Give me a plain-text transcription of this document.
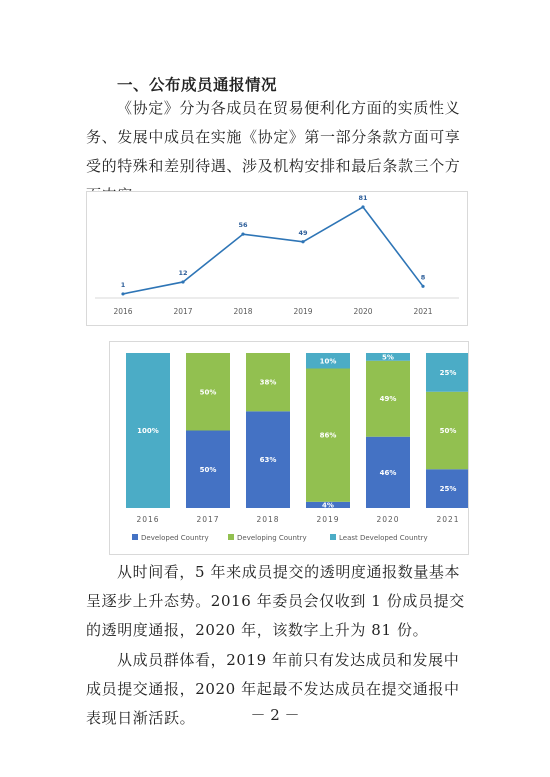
一、公布成员通报情况
《协定》分为各成员在贸易便利化方面的实质性义务、发展中成员在实施《协定》第一部分条款方面可享受的特殊和差别待遇、涉及机构安排和最后条款三个方
1
12
56
49
81
8
2016	2017	2018	2019	2020	2021
100%
2016
50%
50%
2017
63%
38%
2018
4%
86%
10%
2019
46%
49%
5%
2020
25%
50%
25%
2021
Developed Country	Developing Country	Least Developed Country
从时间看，5 年来成员提交的透明度通报数量基本呈逐步上升态势。2016 年委员会仅收到 1 份成员提交的透明度通报，2020 年，该数字上升为 81 份。
从成员群体看，2019 年前只有发达成员和发展中成员提交通报，2020 年起最不发达成员在提交通报中表现日渐活跃。	－ 2 －
